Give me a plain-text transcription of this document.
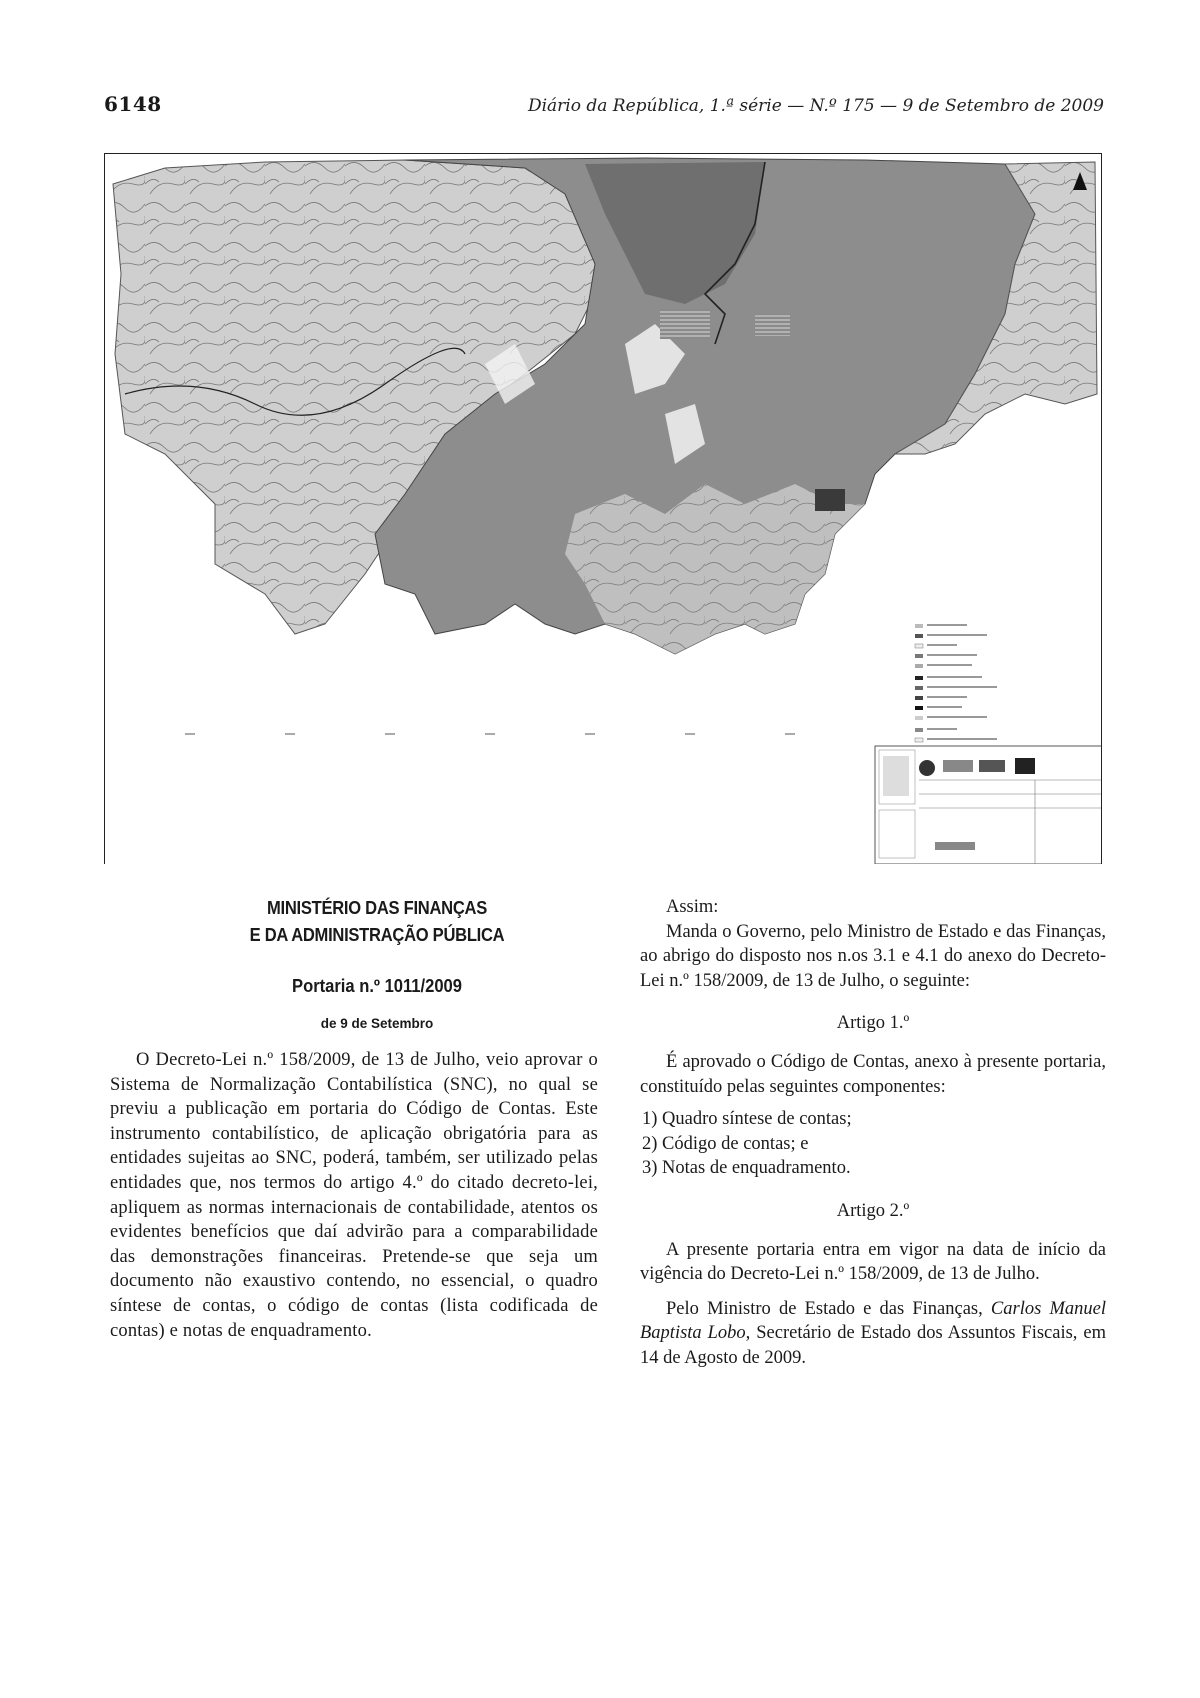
6148	Diário da República, 1.ª série — N.º 175 — 9 de Setembro de 2009
MINISTÉRIO DAS FINANÇAS
E DA ADMINISTRAÇÃO PÚBLICA
Portaria n.º 1011/2009
de 9 de Setembro

O Decreto-Lei n.º 158/2009, de 13 de Julho, veio aprovar o Sistema de Normalização Contabilística (SNC), no qual se previu a publicação em portaria do Código de Contas. Este instrumento contabilístico, de aplicação obrigatória para as entidades sujeitas ao SNC, poderá, também, ser utilizado pelas entidades que, nos termos do artigo 4.º do citado decreto-lei, apliquem as normas internacionais de contabilidade, atentos os evidentes benefícios que daí advirão para a comparabilidade das demonstrações financeiras. Pretende-se que seja um documento não exaustivo contendo, no essencial, o quadro síntese de contas, o código de contas (lista codificada de contas) e notas de enquadramento.

Assim:

Manda o Governo, pelo Ministro de Estado e das Finanças, ao abrigo do disposto nos n.os 3.1 e 4.1 do anexo do Decreto-Lei n.º 158/2009, de 13 de Julho, o seguinte:

Artigo 1.º

É aprovado o Código de Contas, anexo à presente portaria, constituído pelas seguintes componentes:

1) Quadro síntese de contas;
2) Código de contas; e
3) Notas de enquadramento.
Artigo 2.º

A presente portaria entra em vigor na data de início da vigência do Decreto-Lei n.º 158/2009, de 13 de Julho.

Pelo Ministro de Estado e das Finanças, Carlos Manuel Baptista Lobo, Secretário de Estado dos Assuntos Fiscais, em 14 de Agosto de 2009.
